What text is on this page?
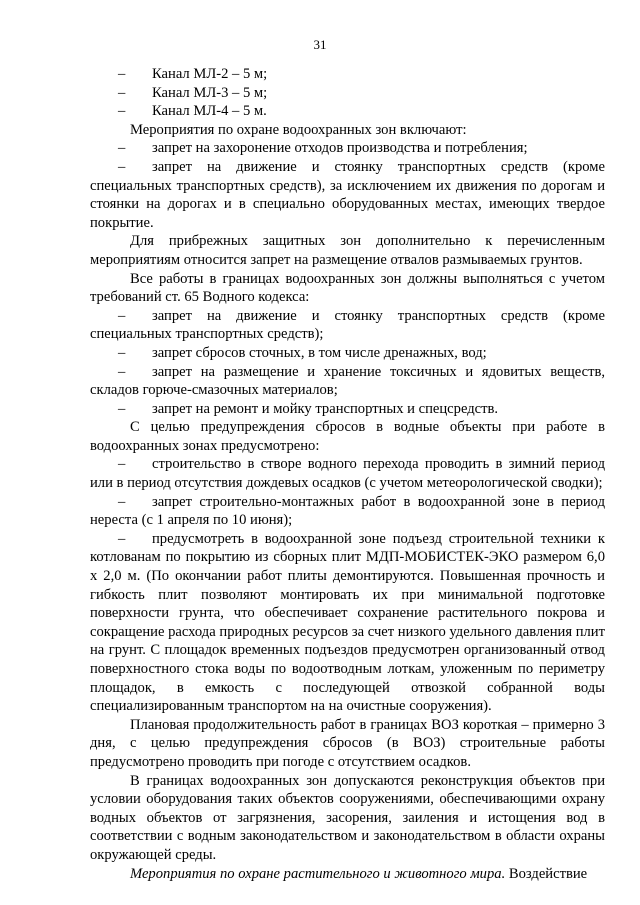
31

– Канал МЛ-2 – 5 м;

– Канал МЛ-3 – 5 м;

– Канал МЛ-4 – 5 м.

Мероприятия по охране водоохранных зон включают:

– запрет на захоронение отходов производства и потребления;

– запрет на движение и стоянку транспортных средств (кроме специальных транспортных средств), за исключением их движения по дорогам и стоянки на дорогах и в специально оборудованных местах, имеющих твердое покрытие.

Для прибрежных защитных зон дополнительно к перечисленным мероприятиям относится запрет на размещение отвалов размываемых грунтов.

Все работы в границах водоохранных зон должны выполняться с учетом требований ст. 65 Водного кодекса:

– запрет на движение и стоянку транспортных средств (кроме специальных транспортных средств);

– запрет сбросов сточных, в том числе дренажных, вод;

– запрет на размещение и хранение токсичных и ядовитых веществ, складов горюче-смазочных материалов;

– запрет на ремонт и мойку транспортных и спецсредств.

С целью предупреждения сбросов в водные объекты при работе в водоохранных зонах предусмотрено:

– строительство в створе водного перехода проводить в зимний период или в период отсутствия дождевых осадков (с учетом метеорологической сводки);

– запрет строительно-монтажных работ в водоохранной зоне в период нереста (с 1 апреля по 10 июня);

– предусмотреть в водоохранной зоне подъезд строительной техники к котлованам по покрытию из сборных плит МДП-МОБИСТЕК-ЭКО размером 6,0 х 2,0 м. (По окончании работ плиты демонтируются. Повышенная прочность и гибкость плит позволяют монтировать их при минимальной подготовке поверхности грунта, что обеспечивает сохранение растительного покрова и сокращение расхода природных ресурсов за счет низкого удельного давления плит на грунт. С площадок временных подъездов предусмотрен организованный отвод поверхностного стока воды по водоотводным лоткам, уложенным по периметру площадок, в емкость с последующей отвозкой собранной воды специализированным транспортом на на очистные сооружения).

Плановая продолжительность работ в границах ВОЗ короткая – примерно 3 дня, с целью предупреждения сбросов (в ВОЗ) строительные работы предусмотрено проводить при погоде с отсутствием осадков.

В границах водоохранных зон допускаются реконструкция объектов при условии оборудования таких объектов сооружениями, обеспечивающими охрану водных объектов от загрязнения, засорения, заиления и истощения вод в соответствии с водным законодательством и законодательством в области охраны окружающей среды.

Мероприятия по охране растительного и животного мира. Воздействие
